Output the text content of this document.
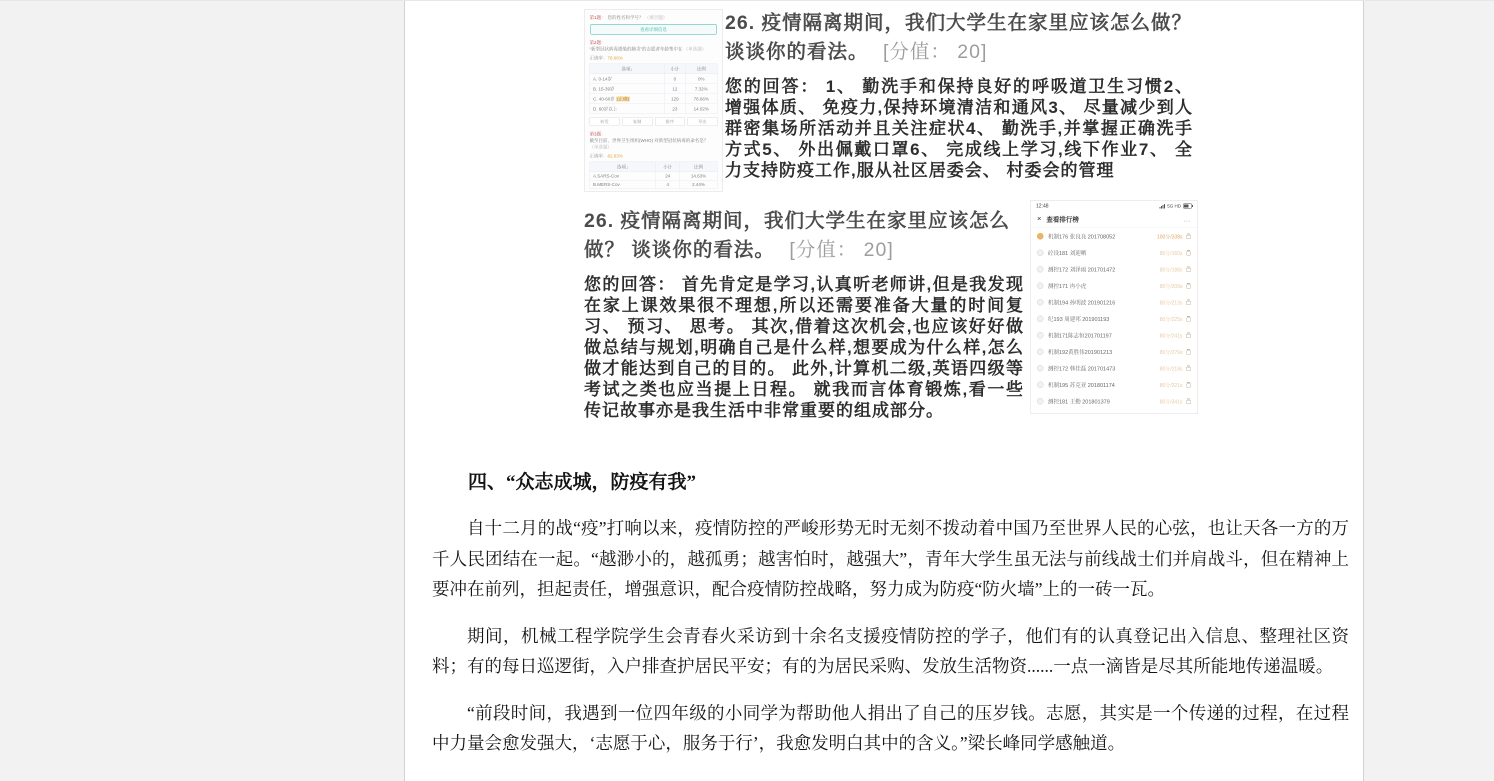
第1题： 您的姓名和学号？ （填空题）
查看详细信息
第2题：
“新型冠状病毒感染的肺炎”的志愿者年龄集中在 （单选题）
正确率：78.66%
选项↓	小计	比例
A. 0-14岁	0	0%
B. 15-39岁	12	7.32%
C. 40-60岁 (正确)	129	78.66%
D. 60岁以上	23	14.02%
转发	复制	排序	导出
第3题：
截至目前，世界卫生组织(WHO) 对新型冠状病毒的命名是？ （单选题）
正确率：82.93%
选项↓	小计	比例
A.SARS-Cov	24	14.63%
B.MERS-Cov	4	2.44%
26. 疫情隔离期间，我们大学生在家里应该怎么做？ 谈谈你的看法。 [分值： 20]
您的回答： 1、 勤洗手和保持良好的呼吸道卫生习惯2、 增强体质、 免疫力,保持环境清洁和通风3、 尽量减少到人群密集场所活动并且关注症状4、 勤洗手,并掌握正确洗手方式5、 外出佩戴口罩6、 完成线上学习,线下作业7、 全力支持防疫工作,服从社区居委会、 村委会的管理
26. 疫情隔离期间，我们大学生在家里应该怎么做？ 谈谈你的看法。 [分值： 20]
您的回答： 首先肯定是学习,认真听老师讲,但是我发现在家上课效果很不理想,所以还需要准备大量的时间复习、 预习、 思考。 其次,借着这次机会,也应该好好做做总结与规划,明确自己是什么样,想要成为什么样,怎么做才能达到自己的目的。 此外,计算机二级,英语四级等考试之类也应当提上日程。 就我而言体育锻炼,看一些传记故事亦是我生活中非常重要的组成部分。
12:48	5G HD
× 查看排行榜	…
机制176 张良良 201708052	100分/338s
砼设181 刘迎晒	80分/160s
测控172 刘泽雨 201701472	80分/188s
测控171 冉小虎	80分/209s
机制194 孙明波 201901216	80分/213s
纪193 周建邦 201901193	80分/225s
机制171陈志恒201701197	80分/241s
机制192黄胜伟201901213	80分/276s
测控172 韩佳磊 201701473	80分/218s
机制195 苏克亚 201801174	80分/221s
测控181 王勤 201801379	80分/341s
四、“众志成城，防疫有我”

自十二月的战“疫”打响以来，疫情防控的严峻形势无时无刻不拨动着中国乃至世界人民的心弦，也让天各一方的万千人民团结在一起。“越渺小的，越孤勇；越害怕时，越强大”，青年大学生虽无法与前线战士们并肩战斗，但在精神上要冲在前列，担起责任，增强意识，配合疫情防控战略，努力成为防疫“防火墙”上的一砖一瓦。

期间，机械工程学院学生会青春火采访到十余名支援疫情防控的学子，他们有的认真登记出入信息、整理社区资料；有的每日巡逻街，入户排查护居民平安；有的为居民采购、发放生活物资......一点一滴皆是尽其所能地传递温暖。

“前段时间，我遇到一位四年级的小同学为帮助他人捐出了自己的压岁钱。志愿，其实是一个传递的过程，在过程中力量会愈发强大，‘志愿于心，服务于行’，我愈发明白其中的含义。”梁长峰同学感触道。
